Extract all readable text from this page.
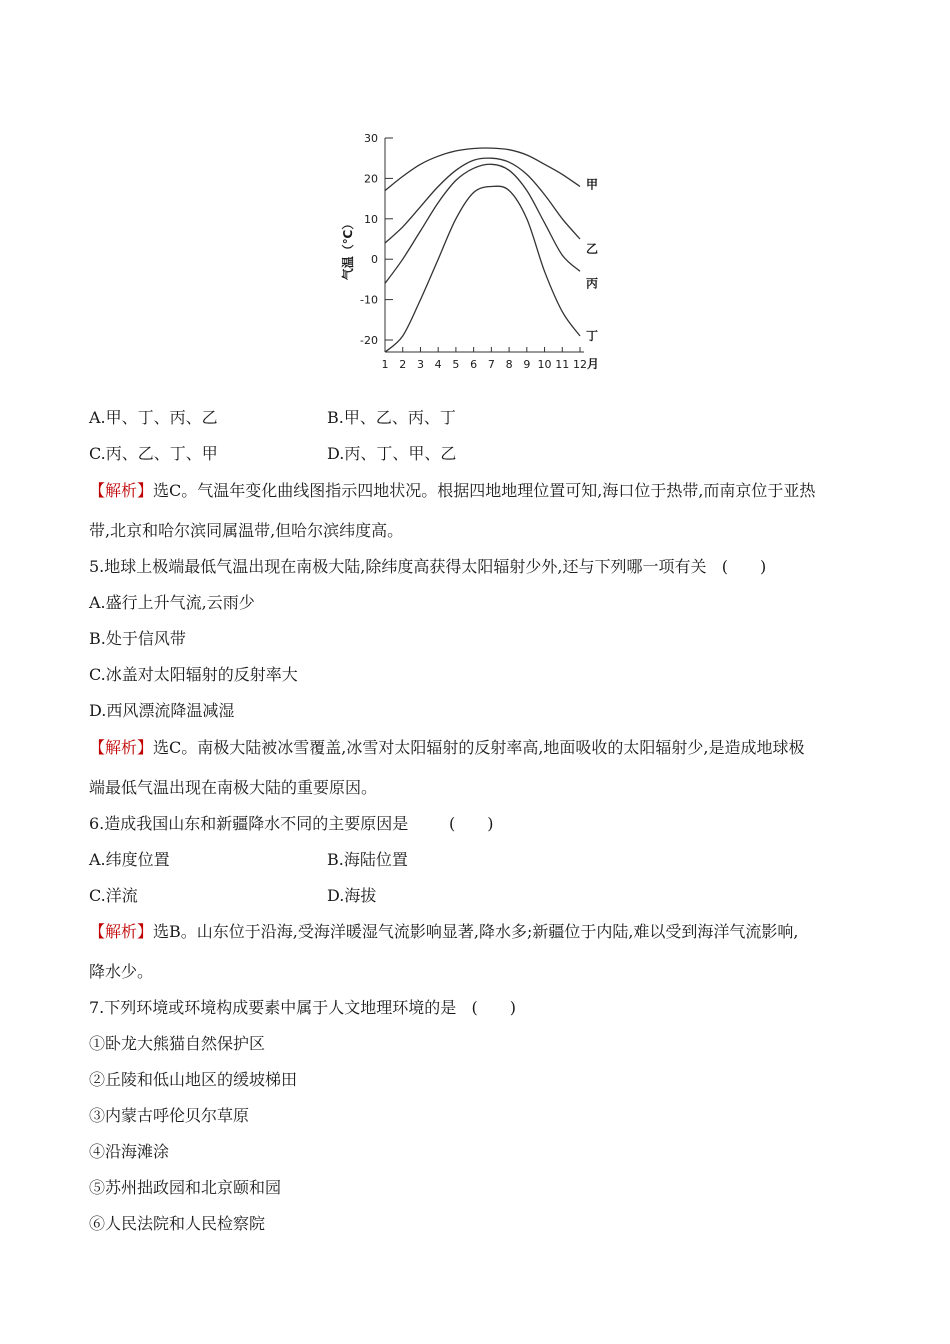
30
20
10
0
-10
-20
1 2 3 4 5 6 7 8 9 10 11 12 月
气温（℃）
甲
乙
丙
丁
A.甲、丁、丙、乙	B.甲、乙、丙、丁
C.丙、乙、丁、甲	D.丙、丁、甲、乙
【解析】选C。气温年变化曲线图指示四地状况。根据四地地理位置可知,海口位于热带,而南京位于亚热
带,北京和哈尔滨同属温带,但哈尔滨纬度高。
5.地球上极端最低气温出现在南极大陆,除纬度高获得太阳辐射少外,还与下列哪一项有关 (　　)
A.盛行上升气流,云雨少
B.处于信风带
C.冰盖对太阳辐射的反射率大
D.西风漂流降温减湿
【解析】选C。南极大陆被冰雪覆盖,冰雪对太阳辐射的反射率高,地面吸收的太阳辐射少,是造成地球极
端最低气温出现在南极大陆的重要原因。
6.造成我国山东和新疆降水不同的主要原因是	(　　)
A.纬度位置	B.海陆位置
C.洋流	D.海拔
【解析】选B。山东位于沿海,受海洋暖湿气流影响显著,降水多;新疆位于内陆,难以受到海洋气流影响,
降水少。
7.下列环境或环境构成要素中属于人文地理环境的是 (　　)
①卧龙大熊猫自然保护区
②丘陵和低山地区的缓坡梯田
③内蒙古呼伦贝尔草原
④沿海滩涂
⑤苏州拙政园和北京颐和园
⑥人民法院和人民检察院
